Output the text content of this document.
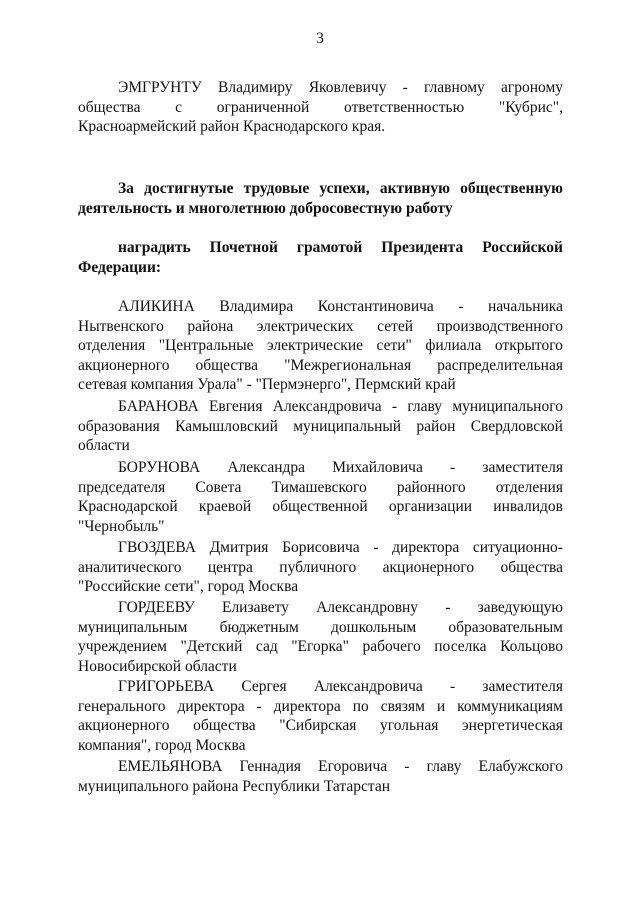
3
ЭМГРУНТУ Владимиру Яковлевичу - главному агроному
общества с ограниченной ответственностью "Кубрис",
Красноармейский район Краснодарского края.
За достигнутые трудовые успехи, активную общественную
деятельность и многолетнюю добросовестную работу
наградить Почетной грамотой Президента Российской
Федерации:
АЛИКИНА Владимира Константиновича - начальника
Нытвенского района электрических сетей производственного
отделения "Центральные электрические сети" филиала открытого
акционерного общества "Межрегиональная распределительная
сетевая компания Урала" - "Пермэнерго", Пермский край
БАРАНОВА Евгения Александровича - главу муниципального
образования Камышловский муниципальный район Свердловской
области
БОРУНОВА Александра Михайловича - заместителя
председателя Совета Тимашевского районного отделения
Краснодарской краевой общественной организации инвалидов
"Чернобыль"
ГВОЗДЕВА Дмитрия Борисовича - директора ситуационно-
аналитического центра публичного акционерного общества
"Российские сети", город Москва
ГОРДЕЕВУ Елизавету Александровну - заведующую
муниципальным бюджетным дошкольным образовательным
учреждением "Детский сад "Егорка" рабочего поселка Кольцово
Новосибирской области
ГРИГОРЬЕВА Сергея Александровича - заместителя
генерального директора - директора по связям и коммуникациям
акционерного общества "Сибирская угольная энергетическая
компания", город Москва
ЕМЕЛЬЯНОВА Геннадия Егоровича - главу Елабужского
муниципального района Республики Татарстан
